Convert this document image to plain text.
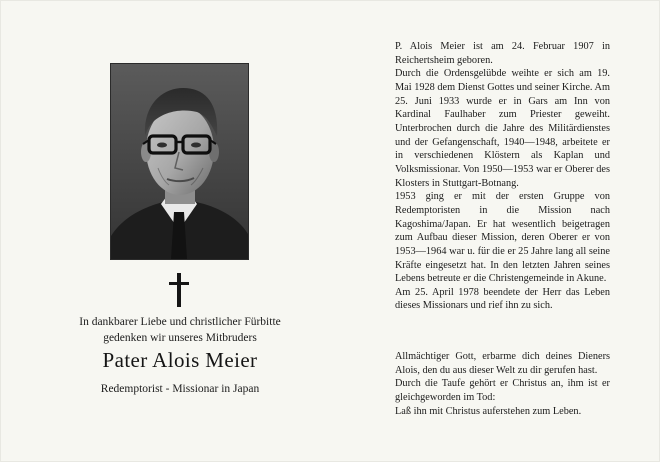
In dankbarer Liebe und christlicher Fürbitte
gedenken wir unseres Mitbruders
Pater Alois Meier
Redemptorist - Missionar in Japan

P. Alois Meier ist am 24. Februar 1907 in Reichertsheim geboren.

Durch die Ordensgelübde weihte er sich am 19. Mai 1928 dem Dienst Gottes und seiner Kirche. Am 25. Juni 1933 wurde er in Gars am Inn von Kardinal Faulhaber zum Priester geweiht. Unterbrochen durch die Jahre des Militärdienstes und der Gefangenschaft, 1940—1948, arbeitete er in verschiedenen Klöstern als Kaplan und Volksmissionar. Von 1950—1953 war er Oberer des Klosters in Stuttgart-Botnang.

1953 ging er mit der ersten Gruppe von Redemptoristen in die Mission nach Kagoshima/Japan. Er hat wesentlich beigetragen zum Aufbau dieser Mission, deren Oberer er von 1953—1964 war u. für die er 25 Jahre lang all seine Kräfte eingesetzt hat. In den letzten Jahren seines Lebens betreute er die Christengemeinde in Akune.

Am 25. April 1978 beendete der Herr das Leben dieses Missionars und rief ihn zu sich.

Allmächtiger Gott, erbarme dich deines Dieners Alois, den du aus dieser Welt zu dir gerufen hast.

Durch die Taufe gehört er Christus an, ihm ist er gleichgeworden im Tod:

Laß ihn mit Christus auferstehen zum Leben.
